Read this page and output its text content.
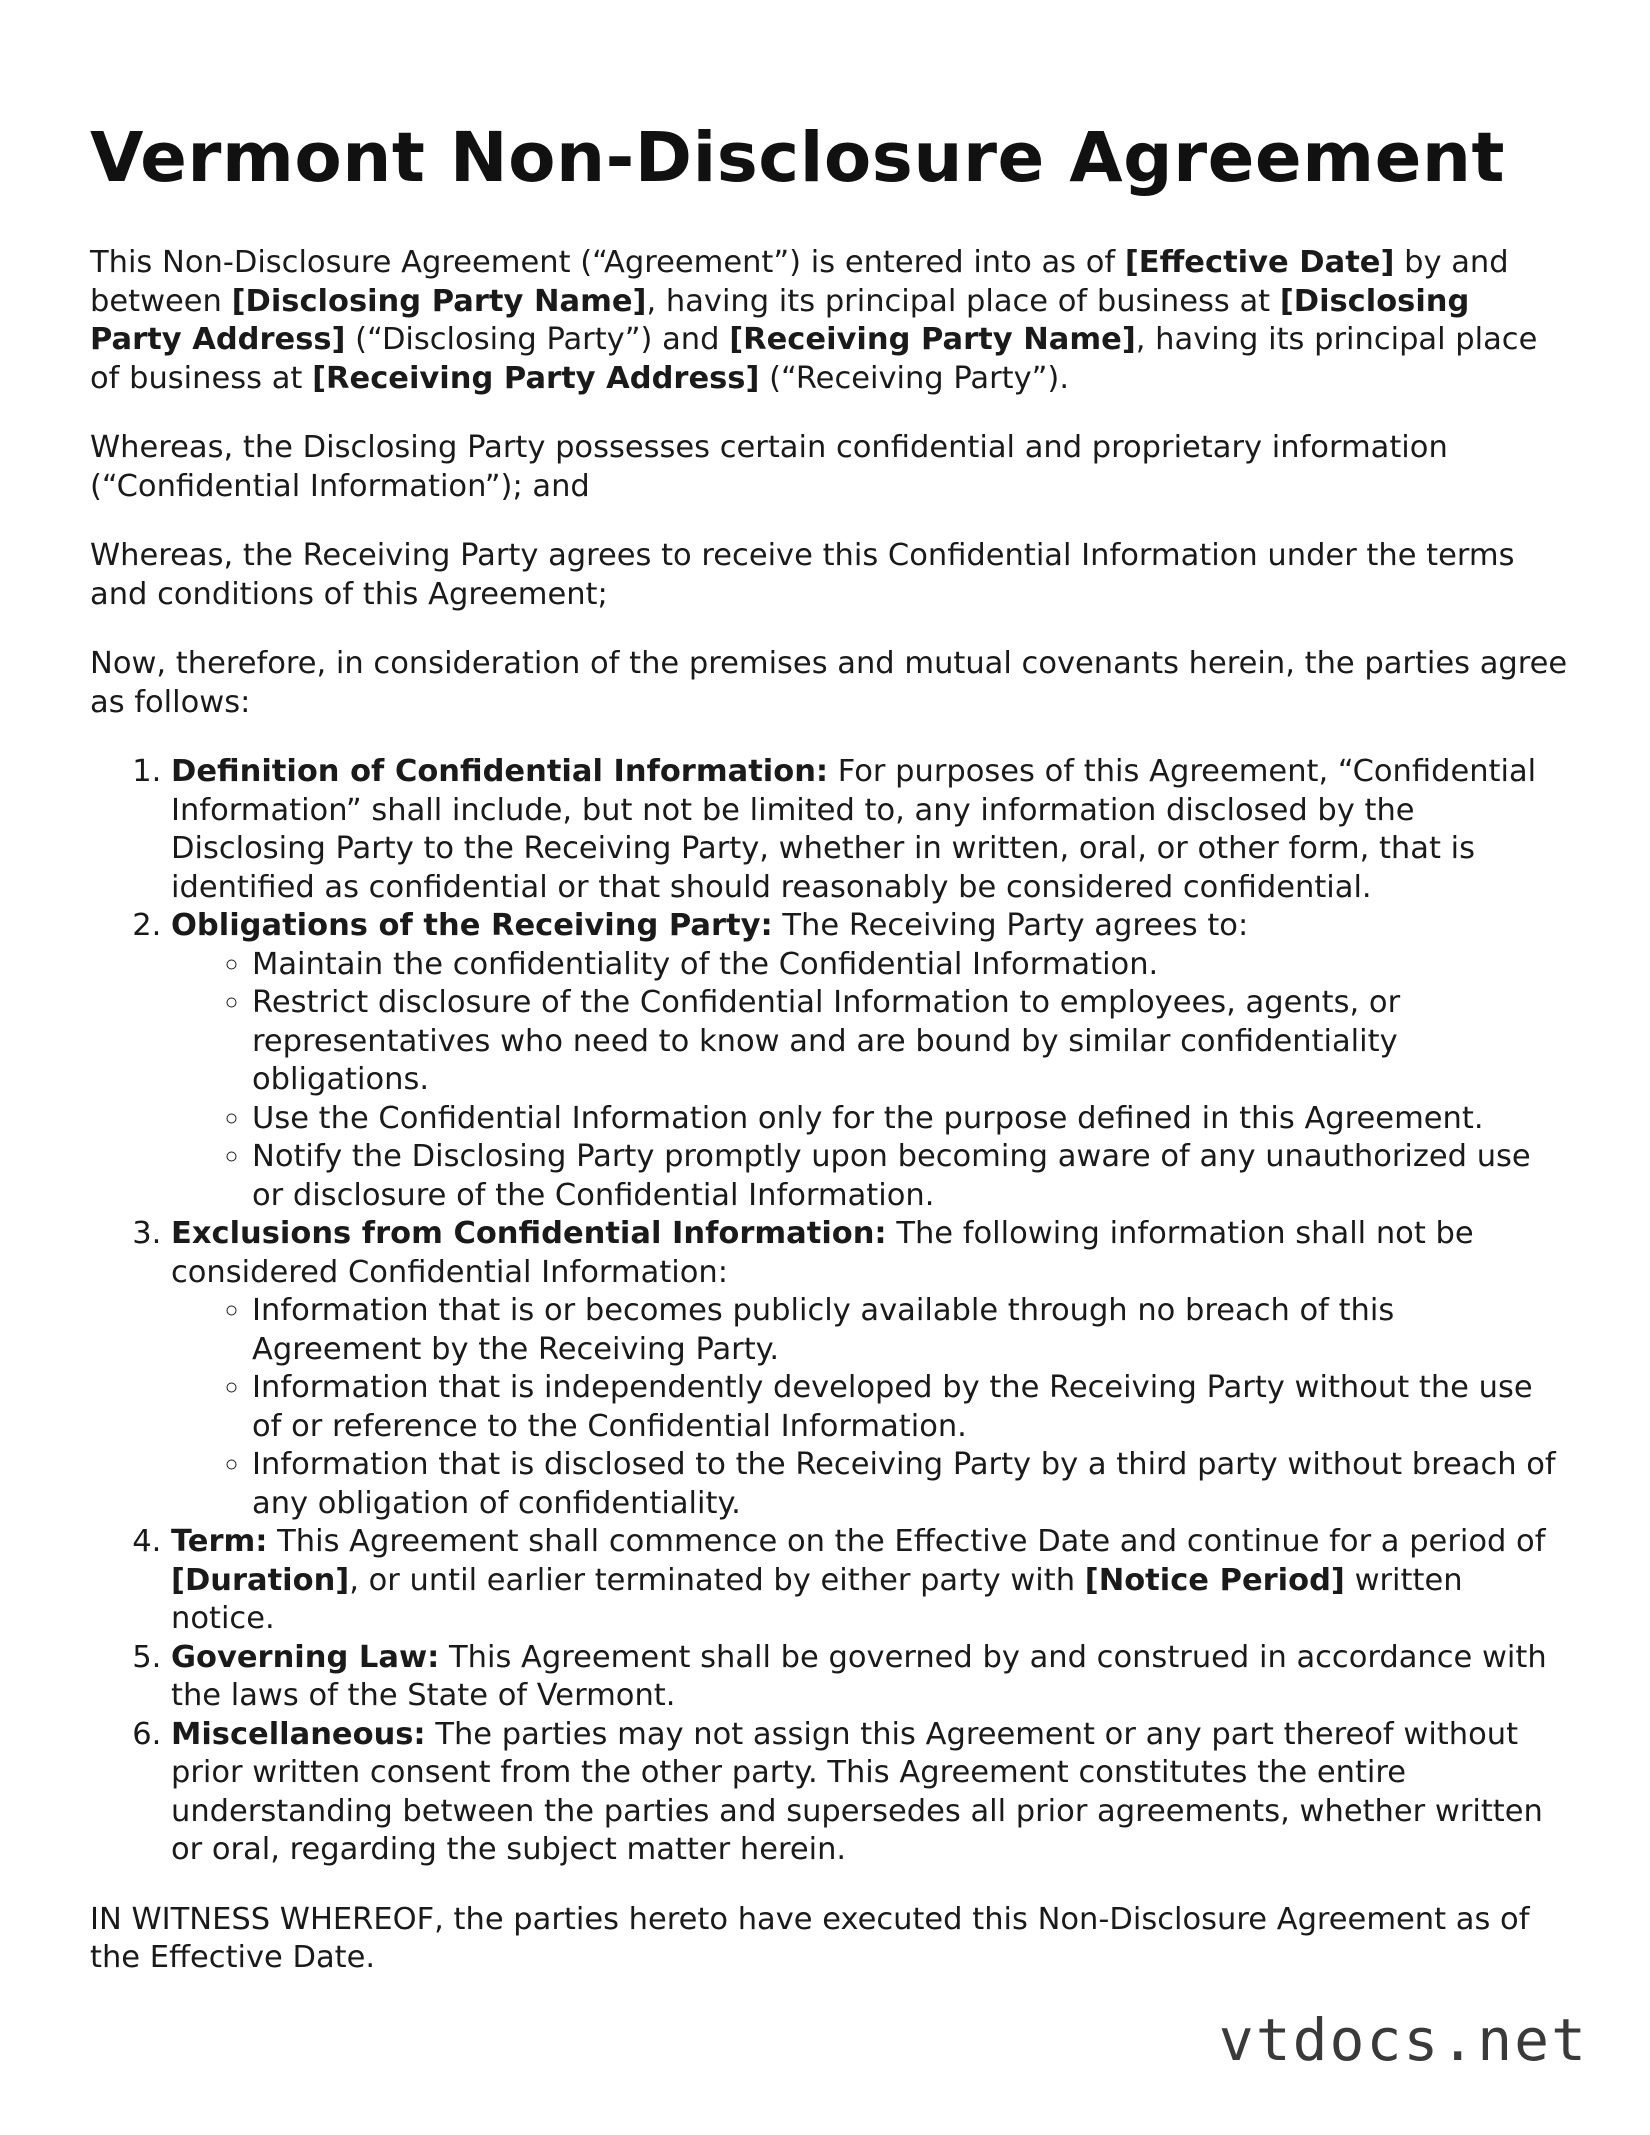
Vermont Non-Disclosure Agreement

This Non-Disclosure Agreement (“Agreement”) is entered into as of [Effective Date] by and between [Disclosing Party Name], having its principal place of business at [Disclosing Party Address] (“Disclosing Party”) and [Receiving Party Name], having its principal place of business at [Receiving Party Address] (“Receiving Party”).

Whereas, the Disclosing Party possesses certain confidential and proprietary information (“Confidential Information”); and

Whereas, the Receiving Party agrees to receive this Confidential Information under the terms and conditions of this Agreement;

Now, therefore, in consideration of the premises and mutual covenants herein, the parties agree as follows:

1. Definition of Confidential Information: For purposes of this Agreement, “Confidential Information” shall include, but not be limited to, any information disclosed by the Disclosing Party to the Receiving Party, whether in written, oral, or other form, that is identified as confidential or that should reasonably be considered confidential.
2. Obligations of the Receiving Party: The Receiving Party agrees to:
◦ Maintain the confidentiality of the Confidential Information.
◦ Restrict disclosure of the Confidential Information to employees, agents, or representatives who need to know and are bound by similar confidentiality obligations.
◦ Use the Confidential Information only for the purpose defined in this Agreement.
◦ Notify the Disclosing Party promptly upon becoming aware of any unauthorized use or disclosure of the Confidential Information.
3. Exclusions from Confidential Information: The following information shall not be considered Confidential Information:
◦ Information that is or becomes publicly available through no breach of this Agreement by the Receiving Party.
◦ Information that is independently developed by the Receiving Party without the use of or reference to the Confidential Information.
◦ Information that is disclosed to the Receiving Party by a third party without breach of any obligation of confidentiality.
4. Term: This Agreement shall commence on the Effective Date and continue for a period of [Duration], or until earlier terminated by either party with [Notice Period] written notice.
5. Governing Law: This Agreement shall be governed by and construed in accordance with the laws of the State of Vermont.
6. Miscellaneous: The parties may not assign this Agreement or any part thereof without prior written consent from the other party. This Agreement constitutes the entire understanding between the parties and supersedes all prior agreements, whether written or oral, regarding the subject matter herein.

IN WITNESS WHEREOF, the parties hereto have executed this Non-Disclosure Agreement as of the Effective Date.

vtdocs.net
